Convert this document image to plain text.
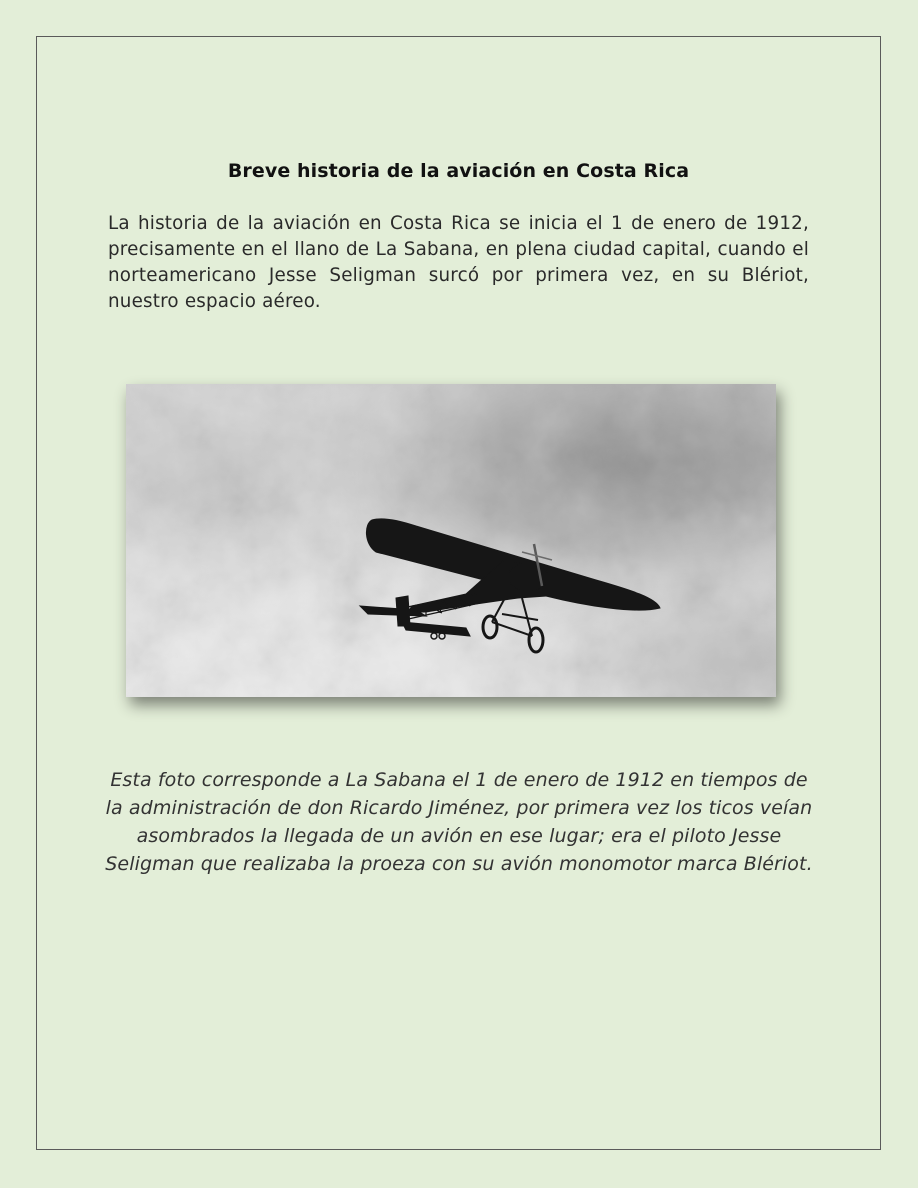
Breve historia de la aviación en Costa Rica

La historia de la aviación en Costa Rica se inicia el 1 de enero de 1912, precisamente en el llano de La Sabana, en plena ciudad capital, cuando el norteamericano Jesse Seligman surcó por primera vez, en su Blériot, nuestro espacio aéreo.

Esta foto corresponde a La Sabana el 1 de enero de 1912 en tiempos de la administración de don Ricardo Jiménez, por primera vez los ticos veían asombrados la llegada de un avión en ese lugar; era el piloto Jesse Seligman que realizaba la proeza con su avión monomotor marca Blériot.
